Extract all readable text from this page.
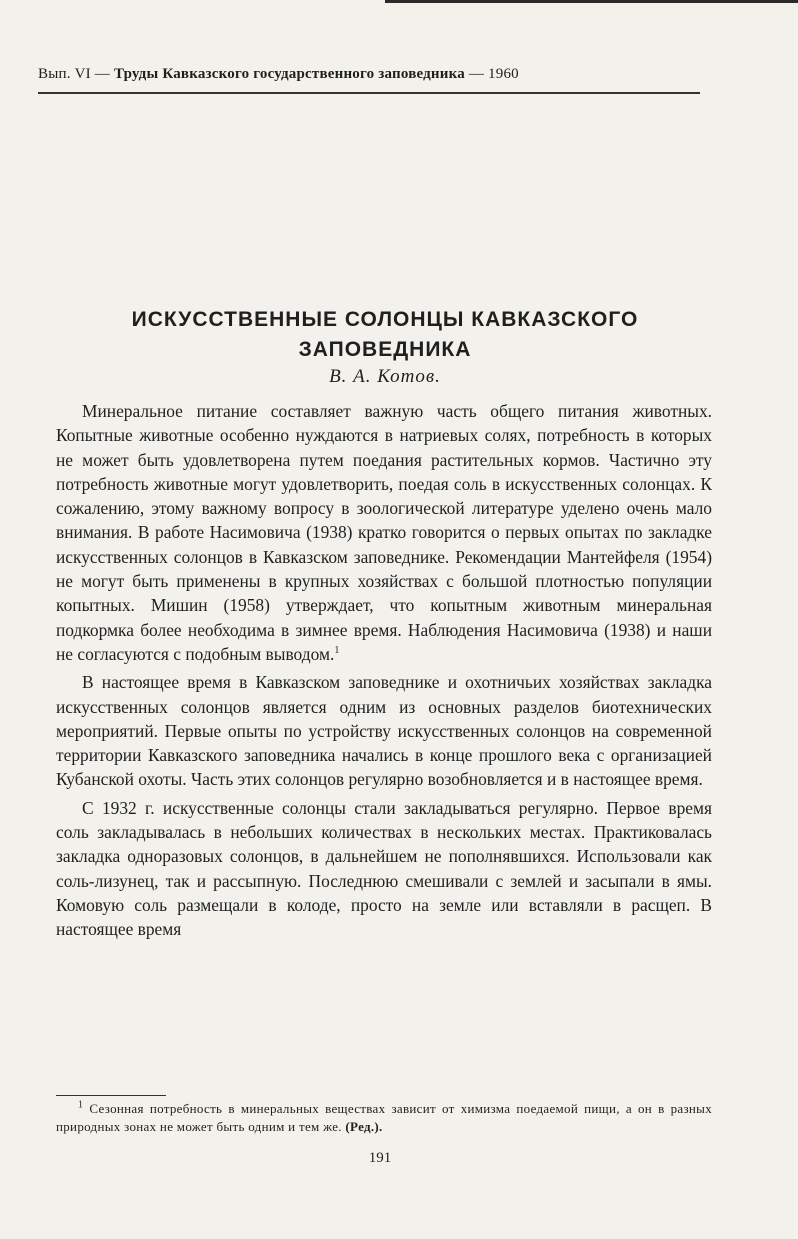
Вып. VI — Труды Кавказского государственного заповедника — 1960
ИСКУССТВЕННЫЕ СОЛОНЦЫ КАВКАЗСКОГО ЗАПОВЕДНИКА
В. А. Котов.

Минеральное питание составляет важную часть общего питания животных. Копытные животные особенно нуждаются в натриевых солях, потребность в которых не может быть удовлетворена путем поедания растительных кормов. Частично эту потребность животные могут удовлетворить, поедая соль в искусственных солонцах. К сожалению, этому важному вопросу в зоологической литературе уделено очень мало внимания. В работе Насимовича (1938) кратко говорится о первых опытах по закладке искусственных солонцов в Кавказском заповеднике. Рекомендации Мантейфеля (1954) не могут быть применены в крупных хозяйствах с большой плотностью популяции копытных. Мишин (1958) утверждает, что копытным животным минеральная подкормка более необходима в зимнее время. Наблюдения Насимовича (1938) и наши не согласуются с подобным выводом.$^1$

В настоящее время в Кавказском заповеднике и охотничьих хозяйствах закладка искусственных солонцов является одним из основных разделов биотехнических мероприятий. Первые опыты по устройству искусственных солонцов на современной территории Кавказского заповедника начались в конце прошлого века с организацией Кубанской охоты. Часть этих солонцов регулярно возобновляется и в настоящее время.

С 1932 г. искусственные солонцы стали закладываться регулярно. Первое время соль закладывалась в небольших количествах в нескольких местах. Практиковалась закладка одноразовых солонцов, в дальнейшем не пополнявшихся. Использовали как соль-лизунец, так и рассыпную. Последнюю смешивали с землей и засыпали в ямы. Комовую соль размещали в колоде, просто на земле или вставляли в расщеп. В настоящее время

$^1$ Сезонная потребность в минеральных веществах зависит от химизма поедаемой пищи, а он в разных природных зонах не может быть одним и тем же. (Ред.).
191
